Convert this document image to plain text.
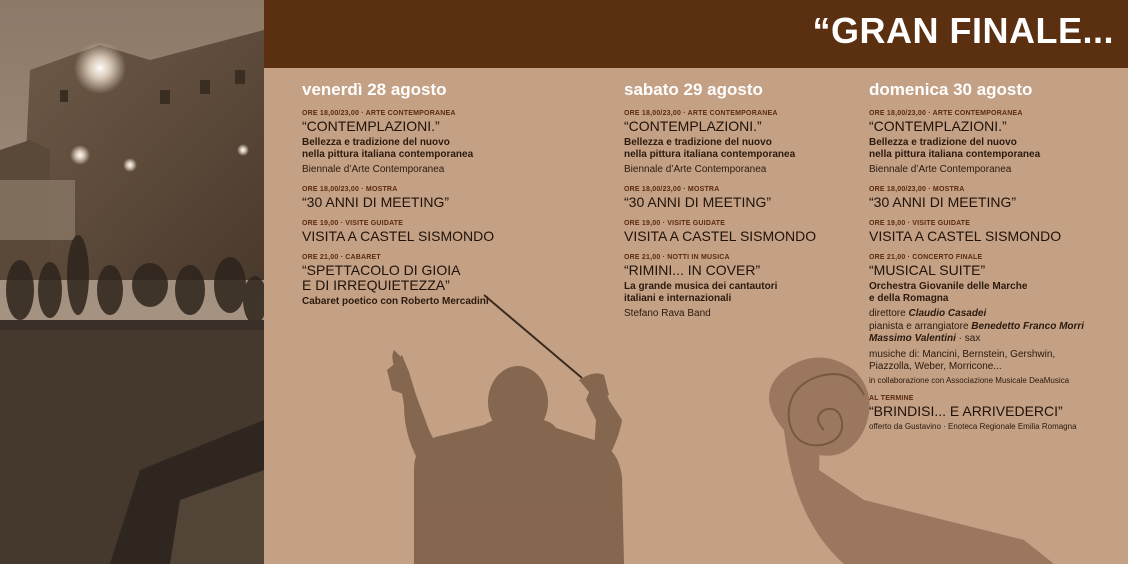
“GRAN FINALE...
venerdì 28 agosto
ORE 18,00/23,00 · ARTE CONTEMPORANEA
“CONTEMPLAZIONI.”
Bellezza e tradizione del nuovo
nella pittura italiana contemporanea
Biennale d’Arte Contemporanea
ORE 18,00/23,00 · MOSTRA
“30 ANNI DI MEETING”
ORE 19,00 · VISITE GUIDATE
VISITA A CASTEL SISMONDO
ORE 21,00 · CABARET
“SPETTACOLO DI GIOIA
E DI IRREQUIETEZZA”
Cabaret poetico con Roberto Mercadini
sabato 29 agosto
ORE 18,00/23,00 · ARTE CONTEMPORANEA
“CONTEMPLAZIONI.”
Bellezza e tradizione del nuovo
nella pittura italiana contemporanea
Biennale d’Arte Contemporanea
ORE 18,00/23,00 · MOSTRA
“30 ANNI DI MEETING”
ORE 19,00 · VISITE GUIDATE
VISITA A CASTEL SISMONDO
ORE 21,00 · NOTTI IN MUSICA
“RIMINI... IN COVER”
La grande musica dei cantautori
italiani e internazionali
Stefano Rava Band
domenica 30 agosto
ORE 18,00/23,00 · ARTE CONTEMPORANEA
“CONTEMPLAZIONI.”
Bellezza e tradizione del nuovo
nella pittura italiana contemporanea
Biennale d’Arte Contemporanea
ORE 18,00/23,00 · MOSTRA
“30 ANNI DI MEETING”
ORE 19,00 · VISITE GUIDATE
VISITA A CASTEL SISMONDO
ORE 21,00 · CONCERTO FINALE
“MUSICAL SUITE”
Orchestra Giovanile delle Marche
e della Romagna
direttore Claudio Casadei
pianista e arrangiatore Benedetto Franco Morri
Massimo Valentini · sax
musiche di: Mancini, Bernstein, Gershwin,
Piazzolla, Weber, Morricone...
in collaborazione con Associazione Musicale DeaMusica
AL TERMINE
“BRINDISI... E ARRIVEDERCI”
offerto da Gustavino · Enoteca Regionale Emilia Romagna
